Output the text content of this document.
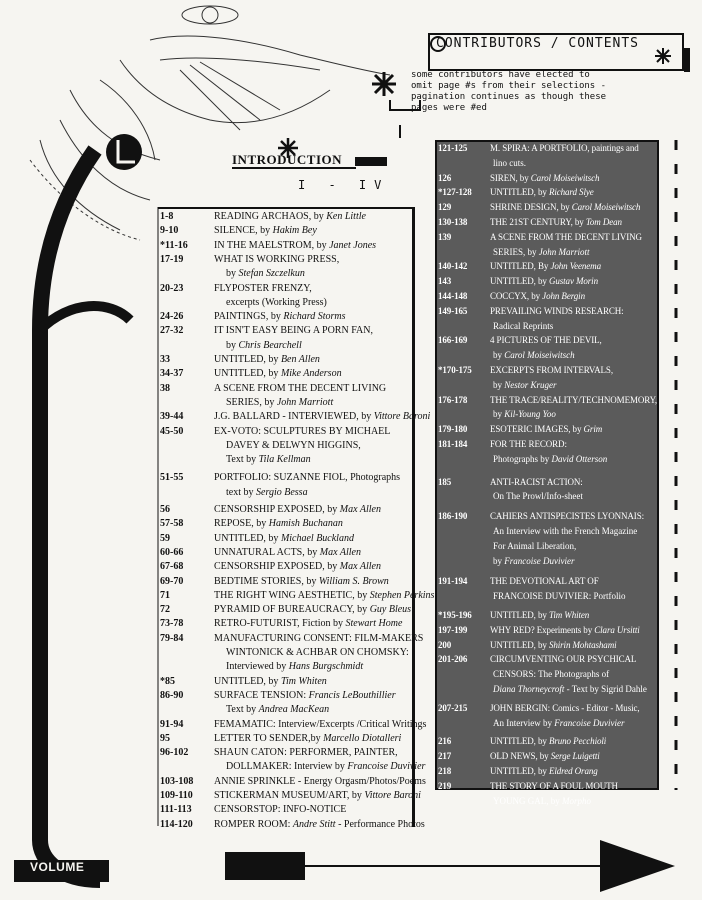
CONTRIBUTORS / CONTENTS
some contributors have elected to
omit page #s from their selections -
pagination continues as though these
pages were #ed
INTRODUCTION
I - IV
1-8	READING ARCHAOS, by Ken Little
9-10	SILENCE, by Hakim Bey
*11-16	IN THE MAELSTROM, by Janet Jones
17-19	WHAT IS WORKING PRESS,
by Stefan Szczelkun
20-23	FLYPOSTER FRENZY,
excerpts (Working Press)
24-26	PAINTINGS, by Richard Storms
27-32	IT ISN'T EASY BEING A PORN FAN,
by Chris Bearchell
33	UNTITLED, by Ben Allen
34-37	UNTITLED, by Mike Anderson
38	A SCENE FROM THE DECENT LIVING
SERIES, by John Marriott
39-44	J.G. BALLARD - INTERVIEWED, by Vittore Baroni
45-50	EX-VOTO: SCULPTURES BY MICHAEL
DAVEY & DELWYN HIGGINS,
Text by Tila Kellman
51-55	PORTFOLIO: SUZANNE FIOL, Photographs
text by Sergio Bessa
56	CENSORSHIP EXPOSED, by Max Allen
57-58	REPOSE, by Hamish Buchanan
59	UNTITLED, by Michael Buckland
60-66	UNNATURAL ACTS, by Max Allen
67-68	CENSORSHIP EXPOSED, by Max Allen
69-70	BEDTIME STORIES, by William S. Brown
71	THE RIGHT WING AESTHETIC, by Stephen Perkins
72	PYRAMID OF BUREAUCRACY, by Guy Bleus
73-78	RETRO-FUTURIST, Fiction by Stewart Home
79-84	MANUFACTURING CONSENT: FILM-MAKERS
WINTONICK & ACHBAR ON CHOMSKY:
Interviewed by Hans Burgschmidt
*85	UNTITLED, by Tim Whiten
86-90	SURFACE TENSION: Francis LeBouthillier
Text by Andrea MacKean
91-94	FEMAMATIC: Interview/Excerpts /Critical Writings
95	LETTER TO SENDER,by Marcello Diotalleri
96-102	SHAUN CATON: PERFORMER, PAINTER,
DOLLMAKER: Interview by Francoise Duvivier
103-108 ANNIE SPRINKLE - Energy Orgasm/Photos/Poems
109-110 STICKERMAN MUSEUM/ART, by Vittore Baroni
111-113 CENSORSTOP: INFO-NOTICE
114-120 ROMPER ROOM: Andre Stitt - Performance Photos
121-125	M. SPIRA: A PORTFOLIO, paintings and
lino cuts.
126	SIREN, by Carol Moiseiwitsch
*127-128 UNTITLED, by Richard Slye
129	SHRINE DESIGN, by Carol Moiseiwitsch
130-138	THE 21ST CENTURY, by Tom Dean
139	A SCENE FROM THE DECENT LIVING
SERIES, by John Marriott
140-142	UNTITLED, By John Veenema
143	UNTITLED, by Gustav Morin
144-148	COCCYX, by John Bergin
149-165	PREVAILING WINDS RESEARCH:
Radical Reprints
166-169	4 PICTURES OF THE DEVIL,
by Carol Moiseiwitsch
*170-175 EXCERPTS FROM INTERVALS,
by Nestor Kruger
176-178	THE TRACE/REALITY/TECHNOMEMORY,
by Kil-Young Yoo
179-180	ESOTERIC IMAGES, by Grim
181-184	FOR THE RECORD:
Photographs by David Otterson
185	ANTI-RACIST ACTION:
On The Prowl/Info-sheet
186-190	CAHIERS ANTISPECISTES LYONNAIS:
An Interview with the French Magazine
For Animal Liberation,
by Francoise Duvivier
191-194	THE DEVOTIONAL ART OF
FRANCOISE DUVIVIER: Portfolio
*195-196 UNTITLED, by Tim Whiten
197-199	WHY RED? Experiments by Clara Ursitti
200	UNTITLED, by Shirin Mohtashami
201-206	CIRCUMVENTING OUR PSYCHICAL
CENSORS: The Photographs of
Diana Thorneycroft - Text by Sigrid Dahle
207-215	JOHN BERGIN: Comics - Editor - Music,
An Interview by Francoise Duvivier
216	UNTITLED, by Bruno Pecchioli
217	OLD NEWS, by Serge Luigetti
218	UNTITLED, by Eldred Orang
219	THE STORY OF A FOUL MOUTH
YOUNG GAL, by Morpho
VOLUME
